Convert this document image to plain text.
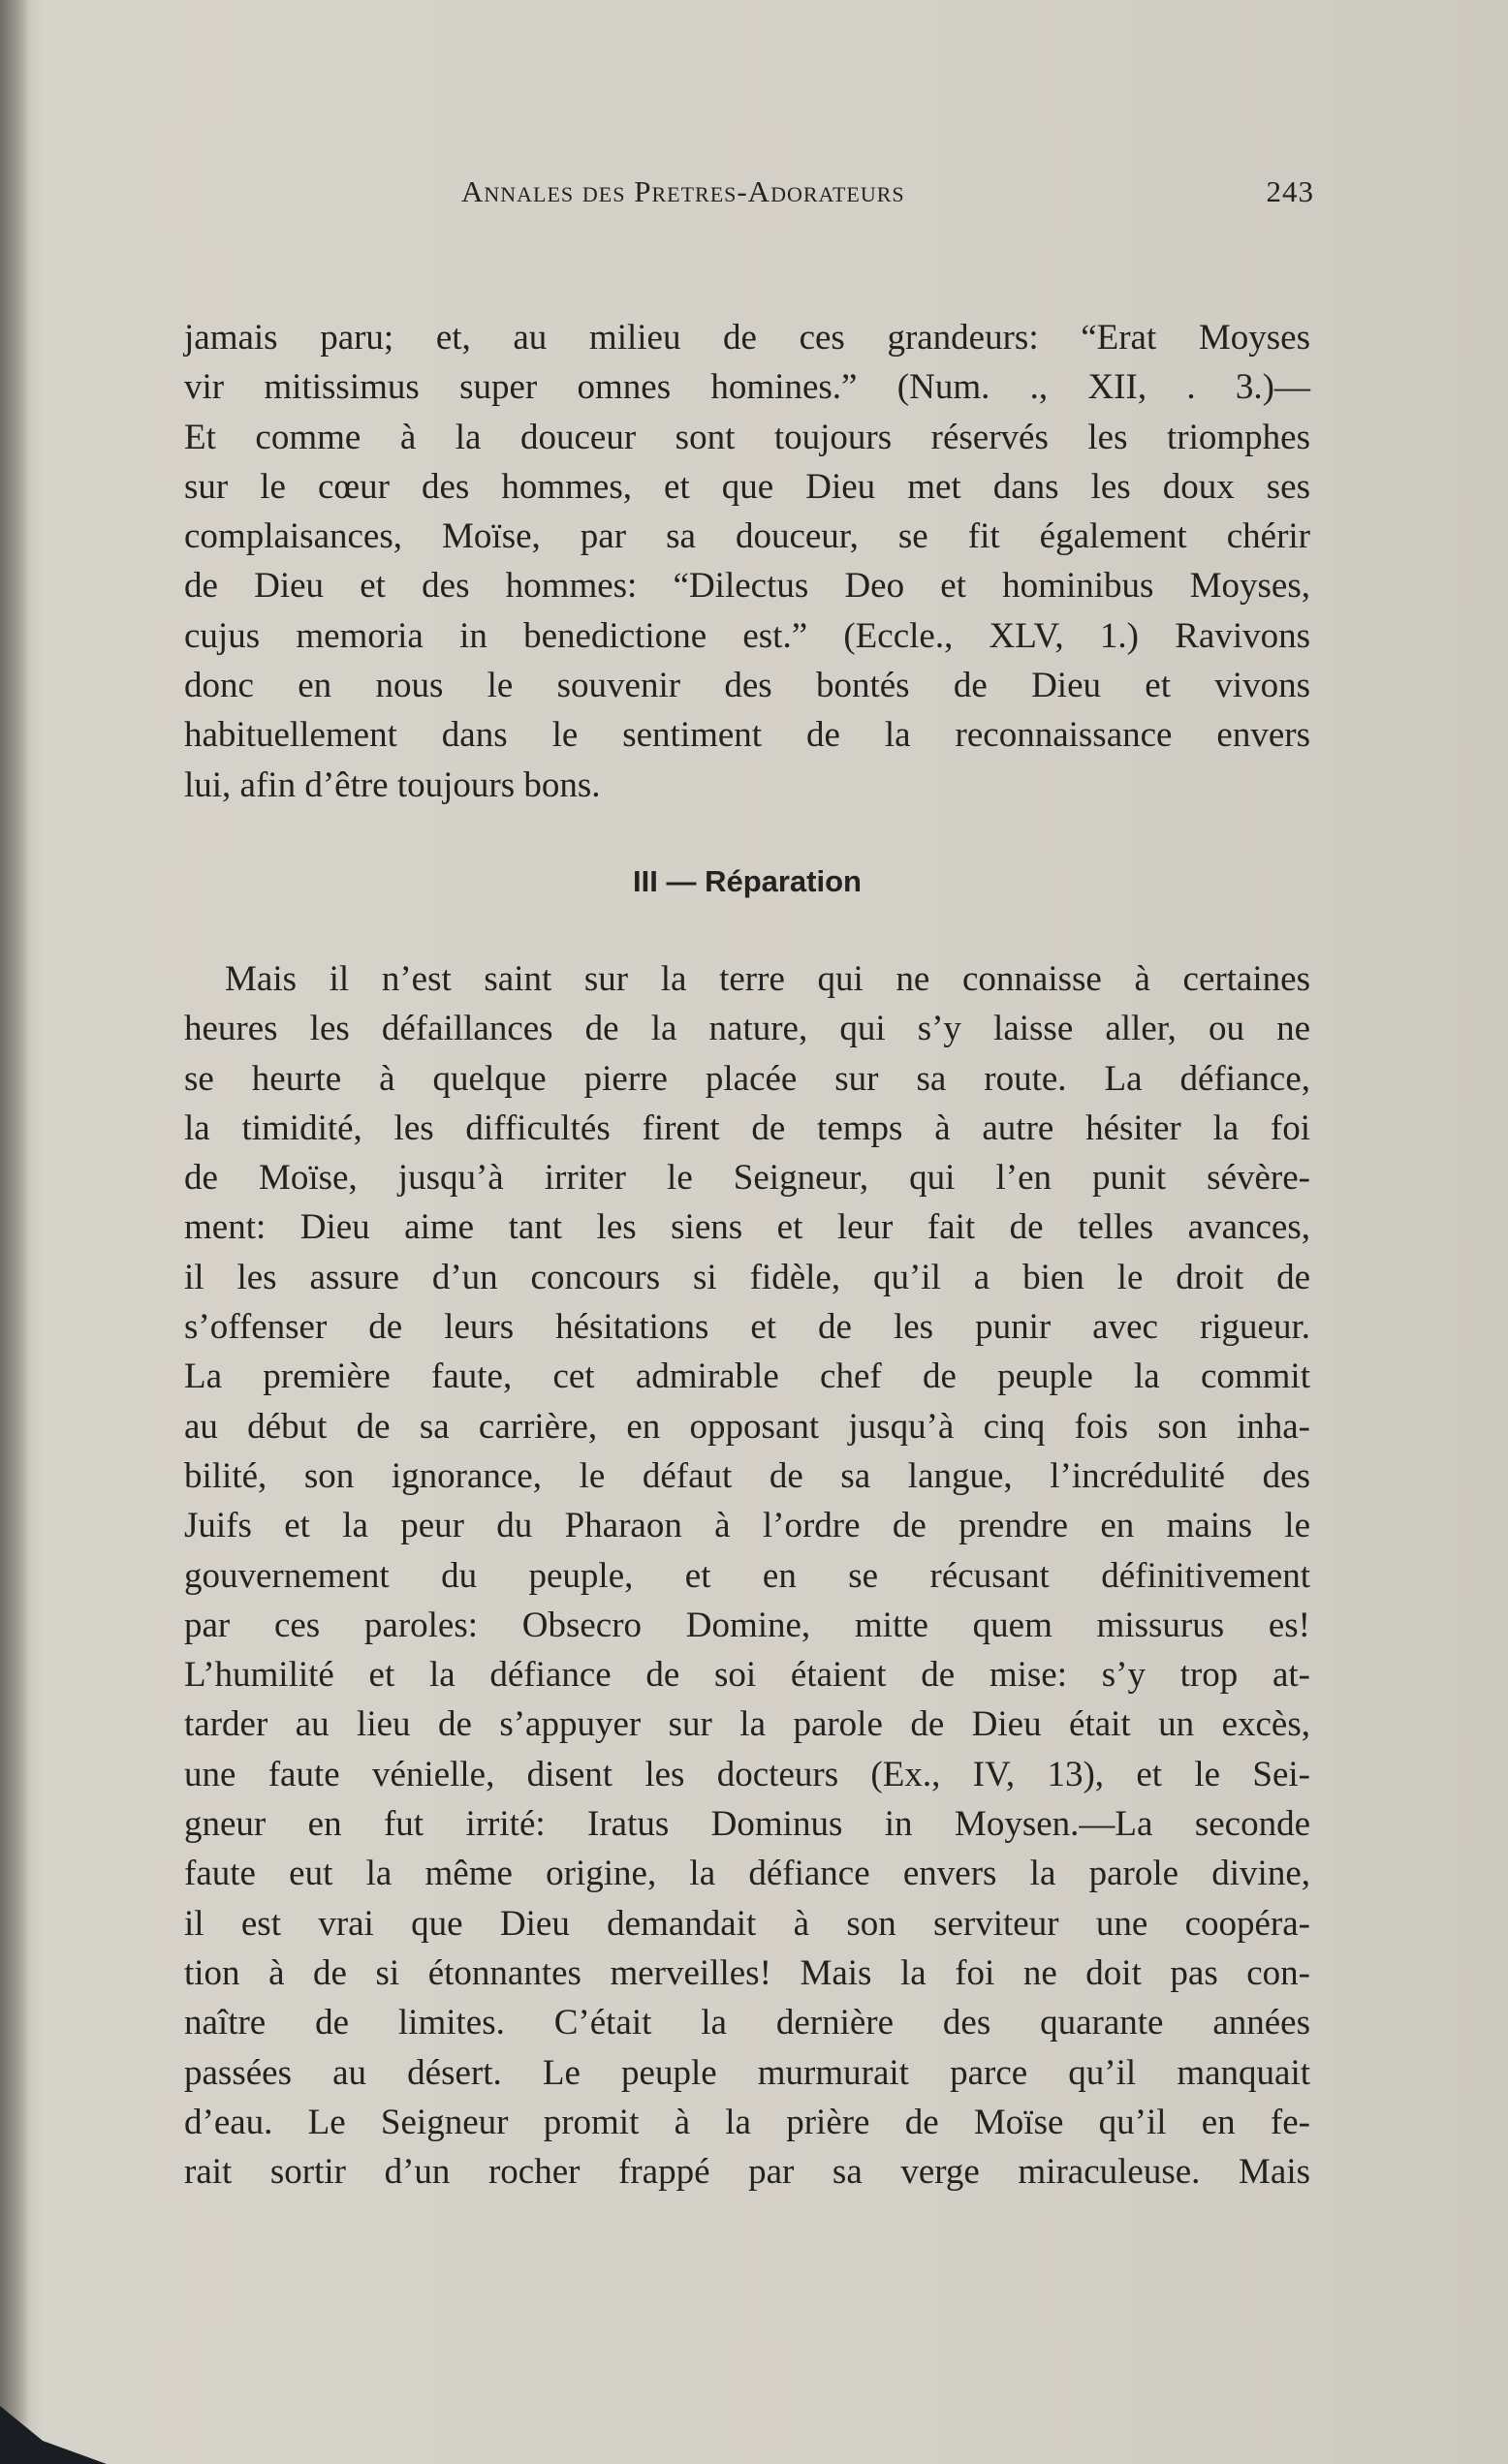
Annales des Pretres-Adorateurs	243
jamais paru; et, au milieu de ces grandeurs: “Erat Moyses
vir mitissimus super omnes homines.” (Num. ., XII, . 3.)—
Et comme à la douceur sont toujours réservés les triomphes
sur le cœur des hommes, et que Dieu met dans les doux ses
complaisances, Moïse, par sa douceur, se fit également chérir
de Dieu et des hommes: “Dilectus Deo et hominibus Moyses,
cujus memoria in benedictione est.” (Eccle., XLV, 1.) Ravivons
donc en nous le souvenir des bontés de Dieu et vivons
habituellement dans le sentiment de la reconnaissance envers
lui, afin d’être toujours bons.
III — Réparation
Mais il n’est saint sur la terre qui ne connaisse à certaines
heures les défaillances de la nature, qui s’y laisse aller, ou ne
se heurte à quelque pierre placée sur sa route. La défiance,
la timidité, les difficultés firent de temps à autre hésiter la foi
de Moïse, jusqu’à irriter le Seigneur, qui l’en punit sévère-
ment: Dieu aime tant les siens et leur fait de telles avances,
il les assure d’un concours si fidèle, qu’il a bien le droit de
s’offenser de leurs hésitations et de les punir avec rigueur.
La première faute, cet admirable chef de peuple la commit
au début de sa carrière, en opposant jusqu’à cinq fois son inha-
bilité, son ignorance, le défaut de sa langue, l’incrédulité des
Juifs et la peur du Pharaon à l’ordre de prendre en mains le
gouvernement du peuple, et en se récusant définitivement
par ces paroles: Obsecro Domine, mitte quem missurus es!
L’humilité et la défiance de soi étaient de mise: s’y trop at-
tarder au lieu de s’appuyer sur la parole de Dieu était un excès,
une faute vénielle, disent les docteurs (Ex., IV, 13), et le Sei-
gneur en fut irrité: Iratus Dominus in Moysen.—La seconde
faute eut la même origine, la défiance envers la parole divine,
il est vrai que Dieu demandait à son serviteur une coopéra-
tion à de si étonnantes merveilles! Mais la foi ne doit pas con-
naître de limites. C’était la dernière des quarante années
passées au désert. Le peuple murmurait parce qu’il manquait
d’eau. Le Seigneur promit à la prière de Moïse qu’il en fe-
rait sortir d’un rocher frappé par sa verge miraculeuse. Mais
